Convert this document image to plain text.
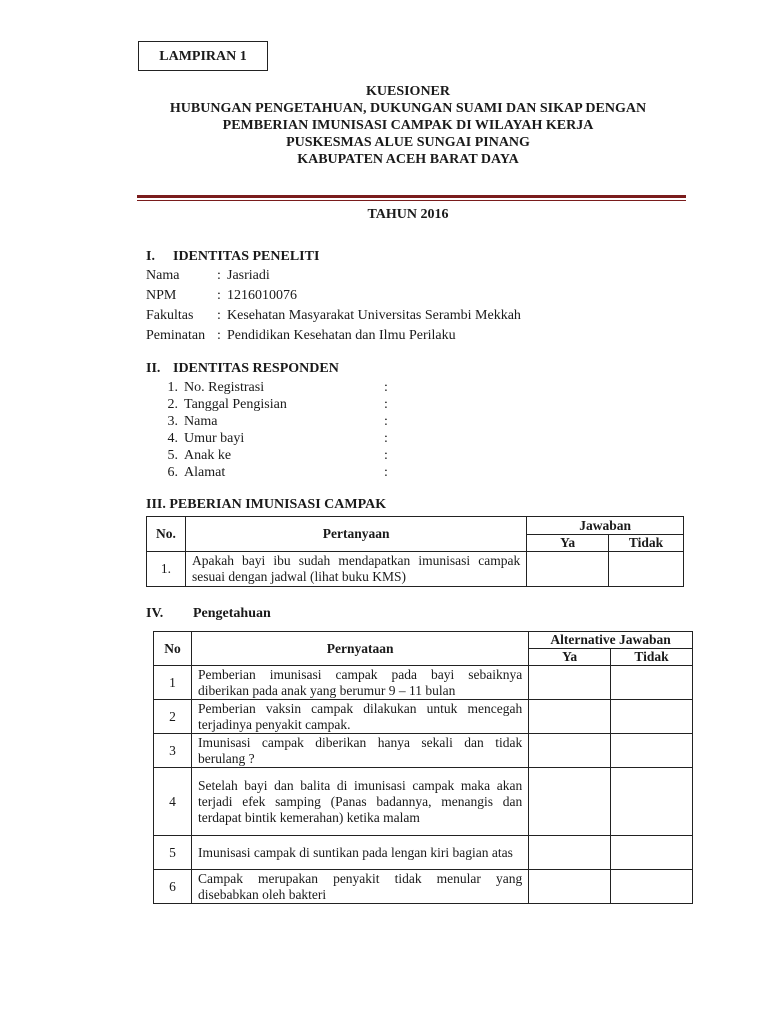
LAMPIRAN 1
KUESIONER
HUBUNGAN PENGETAHUAN, DUKUNGAN SUAMI DAN SIKAP DENGAN
PEMBERIAN IMUNISASI CAMPAK DI WILAYAH KERJA
PUSKESMAS ALUE SUNGAI PINANG
KABUPATEN ACEH BARAT DAYA
TAHUN 2016
I. IDENTITAS PENELITI
Nama	: Jasriadi
NPM	: 1216010076
Fakultas : Kesehatan Masyarakat Universitas Serambi Mekkah
Peminatan : Pendidikan Kesehatan dan Ilmu Perilaku
II. IDENTITAS RESPONDEN
1. No. Registrasi	:
2. Tanggal Pengisian	:
3. Nama	:
4. Umur bayi	:
5. Anak ke	:
6. Alamat	:
III. PEBERIAN IMUNISASI CAMPAK
No.	Pertanyaan	Jawaban	
		Ya	Tidak
1.	Apakah bayi ibu sudah mendapatkan imunisasi campak sesuai dengan jadwal (lihat buku KMS)		
IV. Pengetahuan
No	Pernyataan	Alternative Jawaban	
		Ya	Tidak
1	Pemberian imunisasi campak pada bayi sebaiknya diberikan pada anak yang berumur 9 – 11 bulan		
2	Pemberian vaksin campak dilakukan untuk mencegah terjadinya penyakit campak.		
3	Imunisasi campak diberikan hanya sekali dan tidak berulang ?		
4	Setelah bayi dan balita di imunisasi campak maka akan terjadi efek samping (Panas badannya, menangis dan terdapat bintik kemerahan) ketika malam		
5	Imunisasi campak di suntikan pada lengan kiri bagian atas		
6	Campak merupakan penyakit tidak menular yang disebabkan oleh bakteri		
